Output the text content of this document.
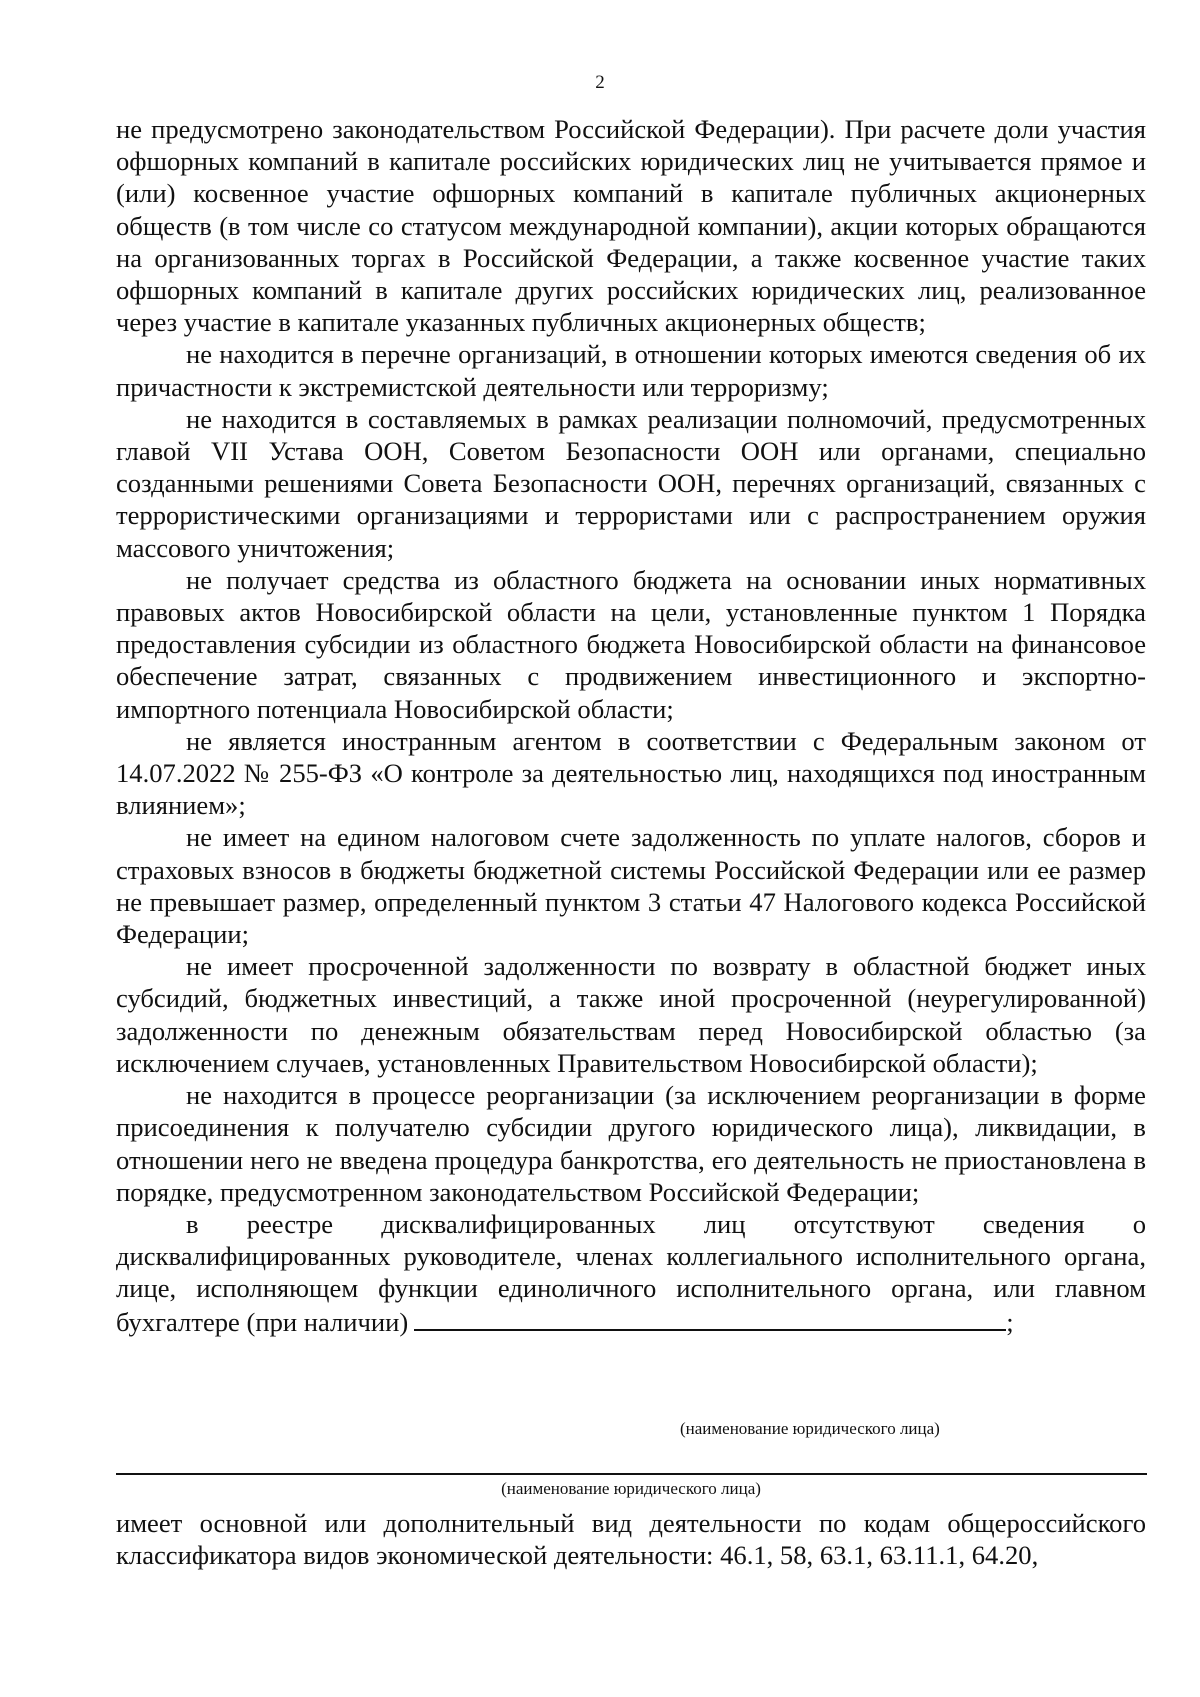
2

не предусмотрено законодательством Российской Федерации). При расчете доли участия офшорных компаний в капитале российских юридических лиц не учитывается прямое и (или) косвенное участие офшорных компаний в капитале публичных акционерных обществ (в том числе со статусом международной компании), акции которых обращаются на организованных торгах в Российской Федерации, а также косвенное участие таких офшорных компаний в капитале других российских юридических лиц, реализованное через участие в капитале указанных публичных акционерных обществ;

не находится в перечне организаций, в отношении которых имеются сведения об их причастности к экстремистской деятельности или терроризму;

не находится в составляемых в рамках реализации полномочий, предусмотренных главой VII Устава ООН, Советом Безопасности ООН или органами, специально созданными решениями Совета Безопасности ООН, перечнях организаций, связанных с террористическими организациями и террористами или с распространением оружия массового уничтожения;

не получает средства из областного бюджета на основании иных нормативных правовых актов Новосибирской области на цели, установленные пунктом 1 Порядка предоставления субсидии из областного бюджета Новосибирской области на финансовое обеспечение затрат, связанных с продвижением инвестиционного и экспортно-импортного потенциала Новосибирской области;

не является иностранным агентом в соответствии с Федеральным законом от 14.07.2022 № 255-ФЗ «О контроле за деятельностью лиц, находящихся под иностранным влиянием»;

не имеет на едином налоговом счете задолженность по уплате налогов, сборов и страховых взносов в бюджеты бюджетной системы Российской Федерации или ее размер не превышает размер, определенный пунктом 3 статьи 47 Налогового кодекса Российской Федерации;

не имеет просроченной задолженности по возврату в областной бюджет иных субсидий, бюджетных инвестиций, а также иной просроченной (неурегулированной) задолженности по денежным обязательствам перед Новосибирской областью (за исключением случаев, установленных Правительством Новосибирской области);

не находится в процессе реорганизации (за исключением реорганизации в форме присоединения к получателю субсидии другого юридического лица), ликвидации, в отношении него не введена процедура банкротства, его деятельность не приостановлена в порядке, предусмотренном законодательством Российской Федерации;

в реестре дисквалифицированных лиц отсутствуют сведения о дисквалифицированных руководителе, членах коллегиального исполнительного органа, лице, исполняющем функции единоличного исполнительного органа, или главном бухгалтере (при наличии)	;

(наименование юридического лица)
(наименование юридического лица)

имеет основной или дополнительный вид деятельности по кодам общероссийского классификатора видов экономической деятельности: 46.1, 58, 63.1, 63.11.1, 64.20,
